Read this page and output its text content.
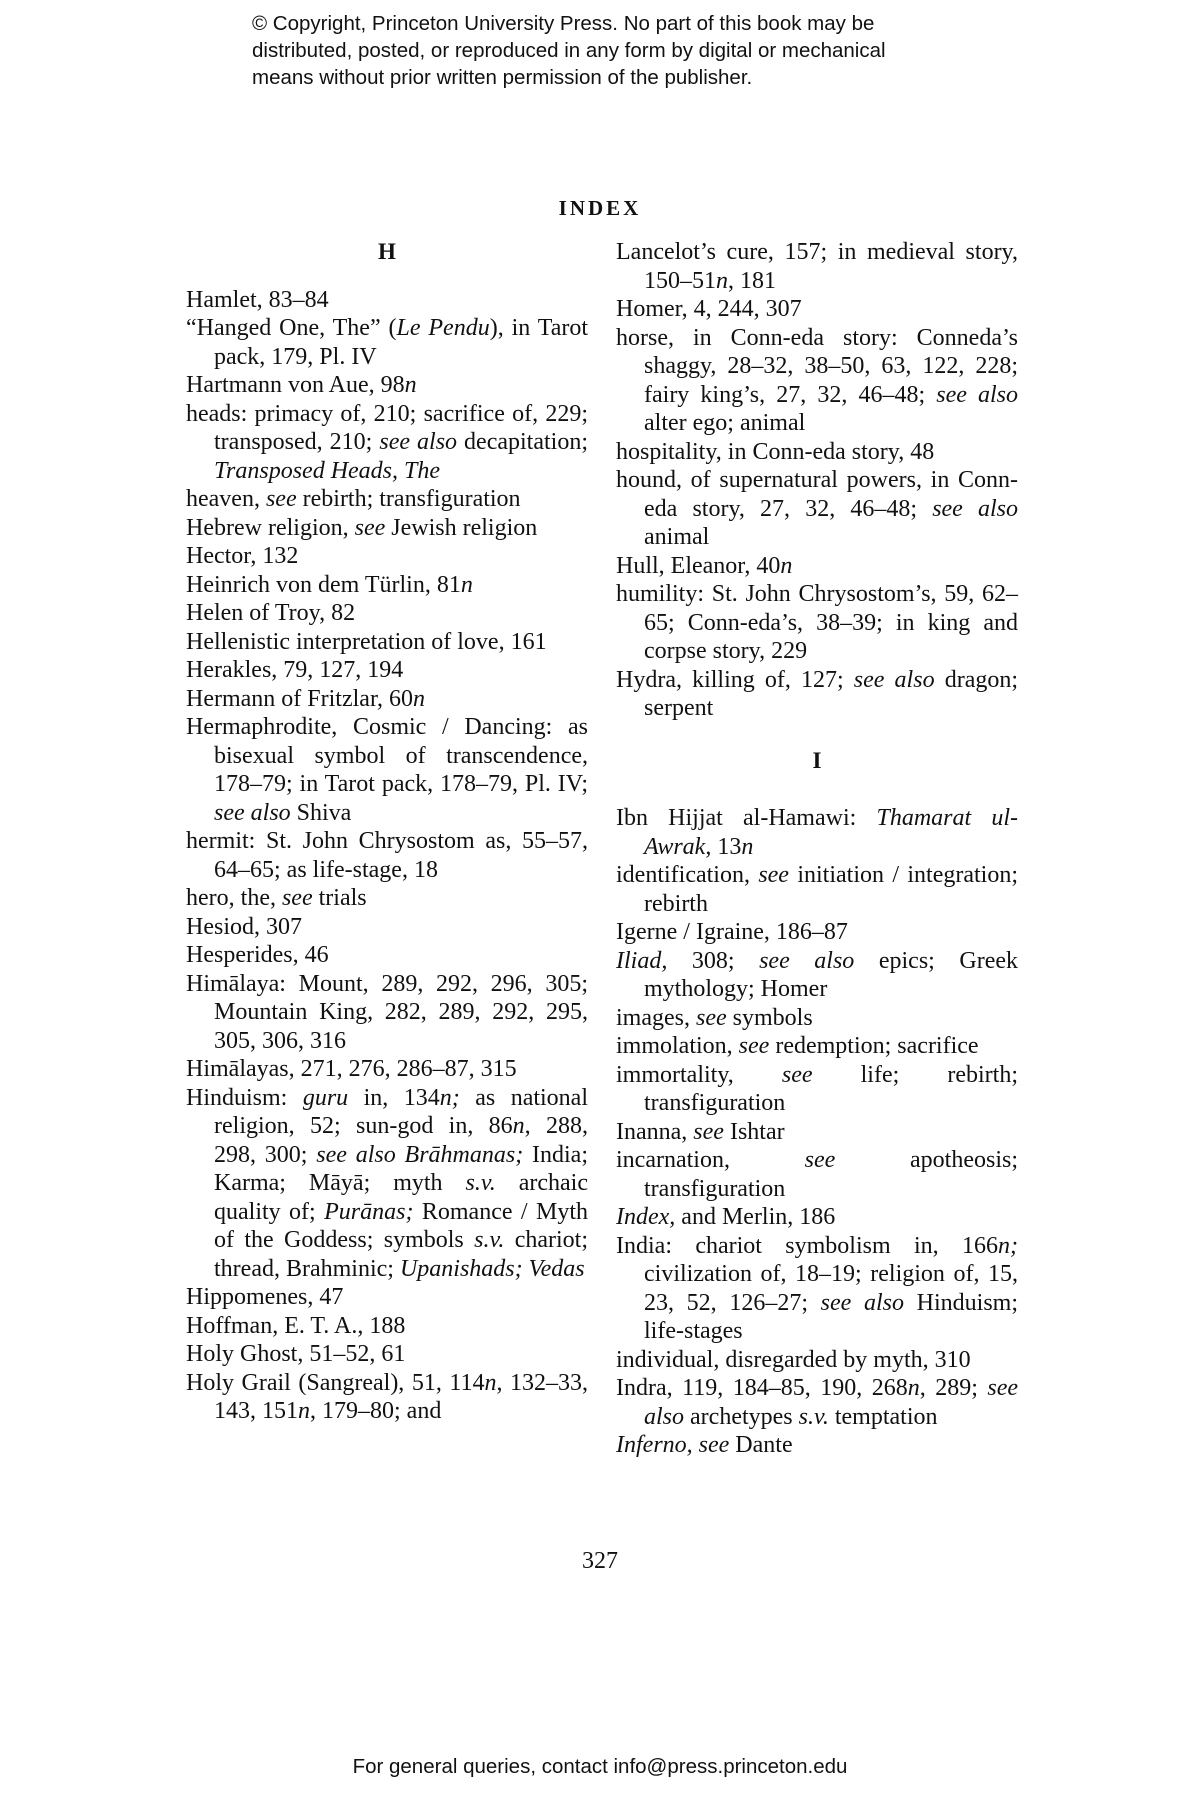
© Copyright, Princeton University Press. No part of this book may be
distributed, posted, or reproduced in any form by digital or mechanical
means without prior written permission of the publisher.
INDEX
H
Hamlet, 83–84
“Hanged One, The” (Le Pendu), in Tarot pack, 179, Pl. IV
Hartmann von Aue, 98n
heads: primacy of, 210; sacrifice of, 229; transposed, 210; see also decapitation; Transposed Heads, The
heaven, see rebirth; transfiguration
Hebrew religion, see Jewish religion
Hector, 132
Heinrich von dem Türlin, 81n
Helen of Troy, 82
Hellenistic interpretation of love, 161
Herakles, 79, 127, 194
Hermann of Fritzlar, 60n
Hermaphrodite, Cosmic / Dancing: as bisexual symbol of transcendence, 178–79; in Tarot pack, 178–79, Pl. IV; see also Shiva
hermit: St. John Chrysostom as, 55–57, 64–65; as life-stage, 18
hero, the, see trials
Hesiod, 307
Hesperides, 46
Himālaya: Mount, 289, 292, 296, 305; Mountain King, 282, 289, 292, 295, 305, 306, 316
Himālayas, 271, 276, 286–87, 315
Hinduism: guru in, 134n; as national religion, 52; sun-god in, 86n, 288, 298, 300; see also Brāhmanas; India; Karma; Māyā; myth s.v. archaic quality of; Purānas; Romance / Myth of the Goddess; symbols s.v. chariot; thread, Brahminic; Upanishads; Vedas
Hippomenes, 47
Hoffman, E. T. A., 188
Holy Ghost, 51–52, 61
Holy Grail (Sangreal), 51, 114n, 132–33, 143, 151n, 179–80; and
Lancelot’s cure, 157; in medieval story, 150–51n, 181
Homer, 4, 244, 307
horse, in Conn-eda story: Conneda’s shaggy, 28–32, 38–50, 63, 122, 228; fairy king’s, 27, 32, 46–48; see also alter ego; animal
hospitality, in Conn-eda story, 48
hound, of supernatural powers, in Conn-eda story, 27, 32, 46–48; see also animal
Hull, Eleanor, 40n
humility: St. John Chrysostom’s, 59, 62–65; Conn-eda’s, 38–39; in king and corpse story, 229
Hydra, killing of, 127; see also dragon; serpent
I
Ibn Hijjat al-Hamawi: Thamarat ul-Awrak, 13n
identification, see initiation / integration; rebirth
Igerne / Igraine, 186–87
Iliad, 308; see also epics; Greek mythology; Homer
images, see symbols
immolation, see redemption; sacrifice
immortality, see life; rebirth; transfiguration
Inanna, see Ishtar
incarnation, see apotheosis; transfiguration
Index, and Merlin, 186
India: chariot symbolism in, 166n; civilization of, 18–19; religion of, 15, 23, 52, 126–27; see also Hinduism; life-stages
individual, disregarded by myth, 310
Indra, 119, 184–85, 190, 268n, 289; see also archetypes s.v. temptation
Inferno, see Dante
327
For general queries, contact info@press.princeton.edu
